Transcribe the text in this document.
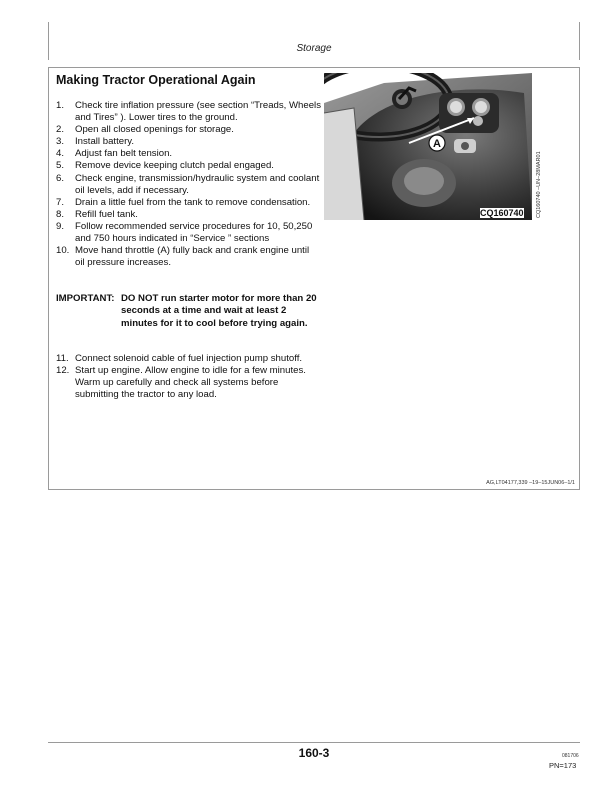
Storage
Making Tractor Operational Again
1. Check tire inflation pressure (see section “Treads, Wheels and Tires” ). Lower tires to the ground.
2. Open all closed openings for storage.
3. Install battery.
4. Adjust fan belt tension.
5. Remove device keeping clutch pedal engaged.
6. Check engine, transmission/hydraulic system and coolant oil levels, add if necessary.
7. Drain a little fuel from the tank to remove condensation.
8. Refill fuel tank.
9. Follow recommended service procedures for 10, 50,250 and 750 hours indicated in “Service ” sections
10. Move hand throttle (A) fully back and crank engine until oil pressure increases.
IMPORTANT: DO NOT run starter motor for more than 20 seconds at a time and wait at least 2 minutes for it to cool before trying again.
11. Connect solenoid cable of fuel injection pump shutoff.
12. Start up engine. Allow engine to idle for a few minutes. Warm up carefully and check all systems before submitting the tractor to any load.
A
CQ160740 CQ160740 –UN–28MAR01
AG,LT04177,339 –19–15JUN06–1/1
160-3	081706
PN=173
